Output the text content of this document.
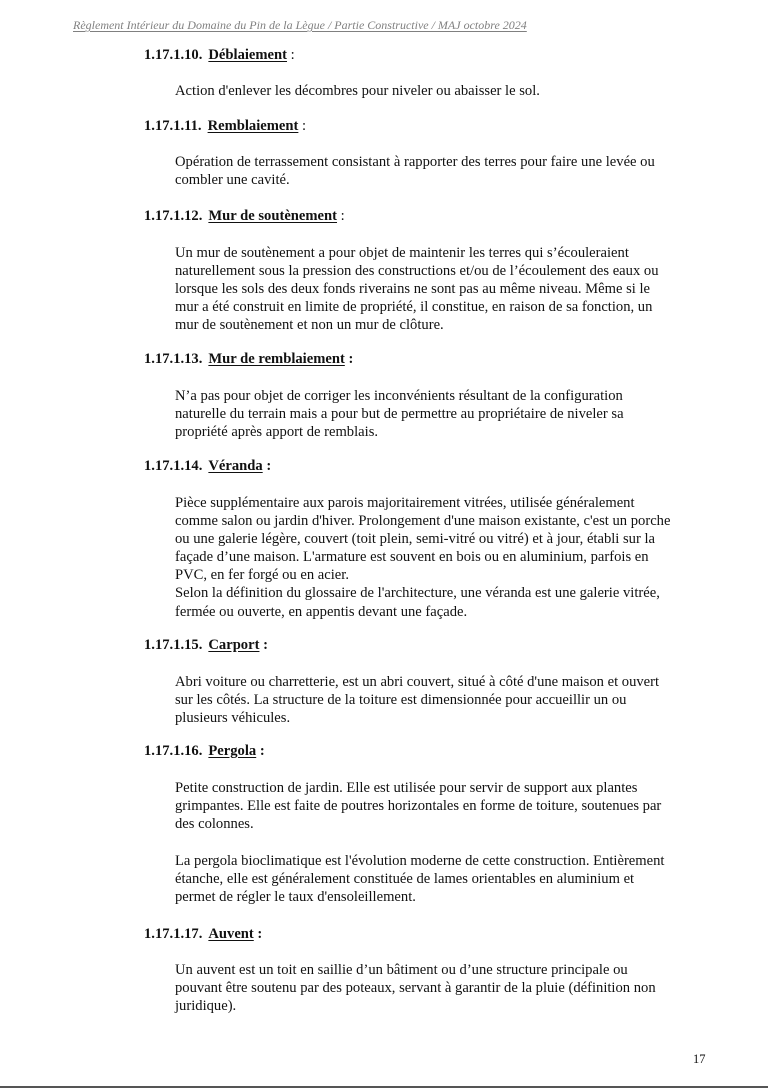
Règlement Intérieur du Domaine du Pin de la Lègue / Partie Constructive / MAJ octobre 2024
1.17.1.10. Déblaiement :
Action d'enlever les décombres pour niveler ou abaisser le sol.
1.17.1.11. Remblaiement :
Opération de terrassement consistant à rapporter des terres pour faire une levée ou
combler une cavité.
1.17.1.12. Mur de soutènement :
Un mur de soutènement a pour objet de maintenir les terres qui s’écouleraient
naturellement sous la pression des constructions et/ou de l’écoulement des eaux ou
lorsque les sols des deux fonds riverains ne sont pas au même niveau. Même si le
mur a été construit en limite de propriété, il constitue, en raison de sa fonction, un
mur de soutènement et non un mur de clôture.
1.17.1.13. Mur de remblaiement :
N’a pas pour objet de corriger les inconvénients résultant de la configuration
naturelle du terrain mais a pour but de permettre au propriétaire de niveler sa
propriété après apport de remblais.
1.17.1.14. Véranda :
Pièce supplémentaire aux parois majoritairement vitrées, utilisée généralement
comme salon ou jardin d'hiver. Prolongement d'une maison existante, c'est un porche
ou une galerie légère, couvert (toit plein, semi-vitré ou vitré) et à jour, établi sur la
façade d’une maison. L'armature est souvent en bois ou en aluminium, parfois en
PVC, en fer forgé ou en acier.
Selon la définition du glossaire de l'architecture, une véranda est une galerie vitrée,
fermée ou ouverte, en appentis devant une façade.
1.17.1.15. Carport :
Abri voiture ou charretterie, est un abri couvert, situé à côté d'une maison et ouvert
sur les côtés. La structure de la toiture est dimensionnée pour accueillir un ou
plusieurs véhicules.
1.17.1.16. Pergola :
Petite construction de jardin. Elle est utilisée pour servir de support aux plantes
grimpantes. Elle est faite de poutres horizontales en forme de toiture, soutenues par
des colonnes.
La pergola bioclimatique est l'évolution moderne de cette construction. Entièrement
étanche, elle est généralement constituée de lames orientables en aluminium et
permet de régler le taux d'ensoleillement.
1.17.1.17. Auvent :
Un auvent est un toit en saillie d’un bâtiment ou d’une structure principale ou
pouvant être soutenu par des poteaux, servant à garantir de la pluie (définition non
juridique).
17
